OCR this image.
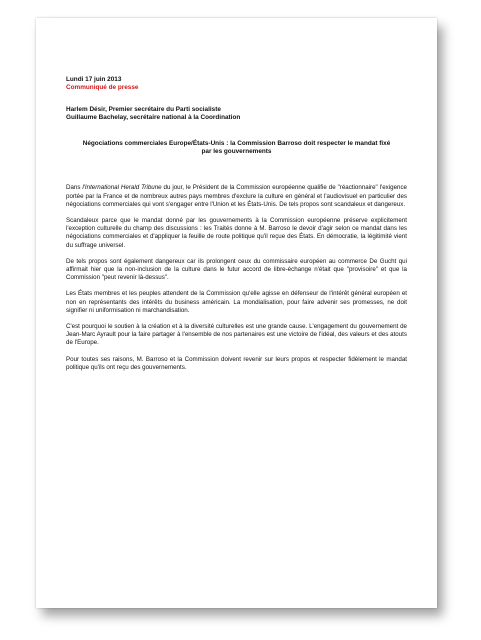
Lundi 17 juin 2013
Communiqué de presse
Harlem Désir, Premier secrétaire du Parti socialiste
Guillaume Bachelay, secrétaire national à la Coordination
Négociations commerciales Europe/États-Unis : la Commission Barroso doit respecter le mandat fixé par les gouvernements

Dans l'International Herald Tribune du jour, le Président de la Commission européenne qualifie de "réactionnaire" l'exigence portée par la France et de nombreux autres pays membres d'exclure la culture en général et l'audiovisuel en particulier des négociations commerciales qui vont s'engager entre l'Union et les États-Unis. De tels propos sont scandaleux et dangereux.

Scandaleux parce que le mandat donné par les gouvernements à la Commission européenne préserve explicitement l'exception culturelle du champ des discussions : les Traités donne à M. Barroso le devoir d'agir selon ce mandat dans les négociations commerciales et d'appliquer la feuille de route politique qu'il reçue des États. En démocratie, la légitimité vient du suffrage universel.

De tels propos sont également dangereux car ils prolongent ceux du commissaire européen au commerce De Gucht qui affirmait hier que la non-inclusion de la culture dans le futur accord de libre-échange n'était que "provisoire" et que la Commission "peut revenir là-dessus".

Les États membres et les peuples attendent de la Commission qu'elle agisse en défenseur de l'intérêt général européen et non en représentants des intérêts du business américain. La mondialisation, pour faire advenir ses promesses, ne doit signifier ni uniformisation ni marchandisation.

C'est pourquoi le soutien à la création et à la diversité culturelles est une grande cause. L'engagement du gouvernement de Jean-Marc Ayrault pour la faire partager à l'ensemble de nos partenaires est une victoire de l'idéal, des valeurs et des atouts de l'Europe.

Pour toutes ses raisons, M. Barroso et la Commission doivent revenir sur leurs propos et respecter fidèlement le mandat politique qu'ils ont reçu des gouvernements.
